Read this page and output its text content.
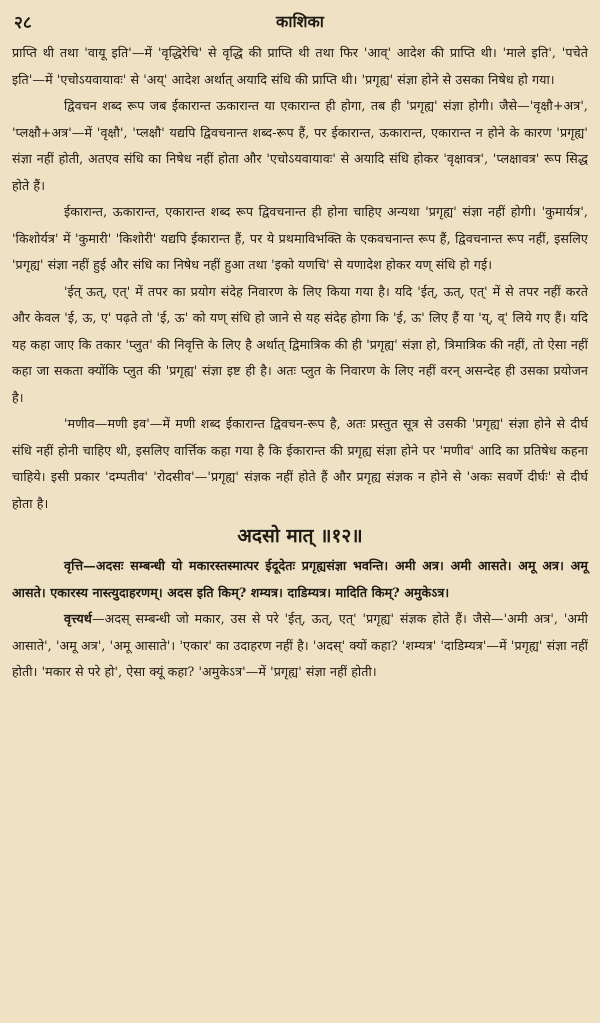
२८	काशिका

प्राप्ति थी तथा 'वायू इति'—में 'वृद्धिरेचि' से वृद्धि की प्राप्ति थी तथा फिर 'आव्' आदेश की प्राप्ति थी। 'माले इति', 'पचेते इति'—में 'एचोऽयवायावः' से 'अय्' आदेश अर्थात् अयादि संधि की प्राप्ति थी। 'प्रगृह्य' संज्ञा होने से उसका निषेध हो गया।

द्विवचन शब्द रूप जब ईकारान्त ऊकारान्त या एकारान्त ही होगा, तब ही 'प्रगृह्य' संज्ञा होगी। जैसे—'वृक्षौ+अत्र', 'प्लक्षौ+अत्र'—में 'वृक्षौ', 'प्लक्षौ' यद्यपि द्विवचनान्त शब्द-रूप हैं, पर ईकारान्त, ऊकारान्त, एकारान्त न होने के कारण 'प्रगृह्य' संज्ञा नहीं होती, अतएव संधि का निषेध नहीं होता और 'एचोऽयवायावः' से अयादि संधि होकर 'वृक्षावत्र', 'प्लक्षावत्र' रूप सिद्ध होते हैं।

ईकारान्त, ऊकारान्त, एकारान्त शब्द रूप द्विवचनान्त ही होना चाहिए अन्यथा 'प्रगृह्य' संज्ञा नहीं होगी। 'कुमार्यत्र', 'किशोर्यत्र' में 'कुमारी' 'किशोरी' यद्यपि ईकारान्त हैं, पर ये प्रथमाविभक्ति के एकवचनान्त रूप हैं, द्विवचनान्त रूप नहीं, इसलिए 'प्रगृह्य' संज्ञा नहीं हुई और संधि का निषेध नहीं हुआ तथा 'इको यणचि' से यणादेश होकर यण् संधि हो गई।

'ईत् ऊत्, एत्' में तपर का प्रयोग संदेह निवारण के लिए किया गया है। यदि 'ईत्, ऊत्, एत्' में से तपर नहीं करते और केवल 'ई, ऊ, ए' पढ़ते तो 'ई, ऊ' को यण् संधि हो जाने से यह संदेह होगा कि 'ई, ऊ' लिए हैं या 'य्, व्' लिये गए हैं। यदि यह कहा जाए कि तकार 'प्लुत' की निवृत्ति के लिए है अर्थात् द्विमात्रिक की ही 'प्रगृह्य' संज्ञा हो, त्रिमात्रिक की नहीं, तो ऐसा नहीं कहा जा सकता क्योंकि प्लुत की 'प्रगृह्य' संज्ञा इष्ट ही है। अतः प्लुत के निवारण के लिए नहीं वरन् असन्देह ही उसका प्रयोजन है।

'मणीव—मणी इव'—में मणी शब्द ईकारान्त द्विवचन-रूप है, अतः प्रस्तुत सूत्र से उसकी 'प्रगृह्य' संज्ञा होने से दीर्घ संधि नहीं होनी चाहिए थी, इसलिए वार्त्तिक कहा गया है कि ईकारान्त की प्रगृह्य संज्ञा होने पर 'मणीव' आदि का प्रतिषेध कहना चाहिये। इसी प्रकार 'दम्पतीव' 'रोदसीव'—'प्रगृह्य' संज्ञक नहीं होते हैं और प्रगृह्य संज्ञक न होने से 'अकः सवर्णे दीर्घः' से दीर्घ होता है।

अदसो मात् ॥१२॥

वृत्ति—अदसः सम्बन्धी यो मकारस्तस्मात्पर ईदूदेतः प्रगृह्यसंज्ञा भवन्ति। अमी अत्र। अमी आसते। अमू अत्र। अमू आसते। एकारस्य नास्त्युदाहरणम्। अदस इति किम्? शम्यत्र। दाडिम्यत्र। मादिति किम्? अमुकेऽत्र।

वृत्त्यर्थ—अदस् सम्बन्धी जो मकार, उस से परे 'ईत्, ऊत्, एत्' 'प्रगृह्य' संज्ञक होते हैं। जैसे—'अमी अत्र', 'अमी आसाते', 'अमू अत्र', 'अमू आसाते'। 'एकार' का उदाहरण नहीं है। 'अदस्' क्यों कहा? 'शम्यत्र' 'दाडिम्यत्र'—में 'प्रगृह्य' संज्ञा नहीं होती। 'मकार से परे हो', ऐसा क्यूं कहा? 'अमुकेऽत्र'—में 'प्रगृह्य' संज्ञा नहीं होती।
